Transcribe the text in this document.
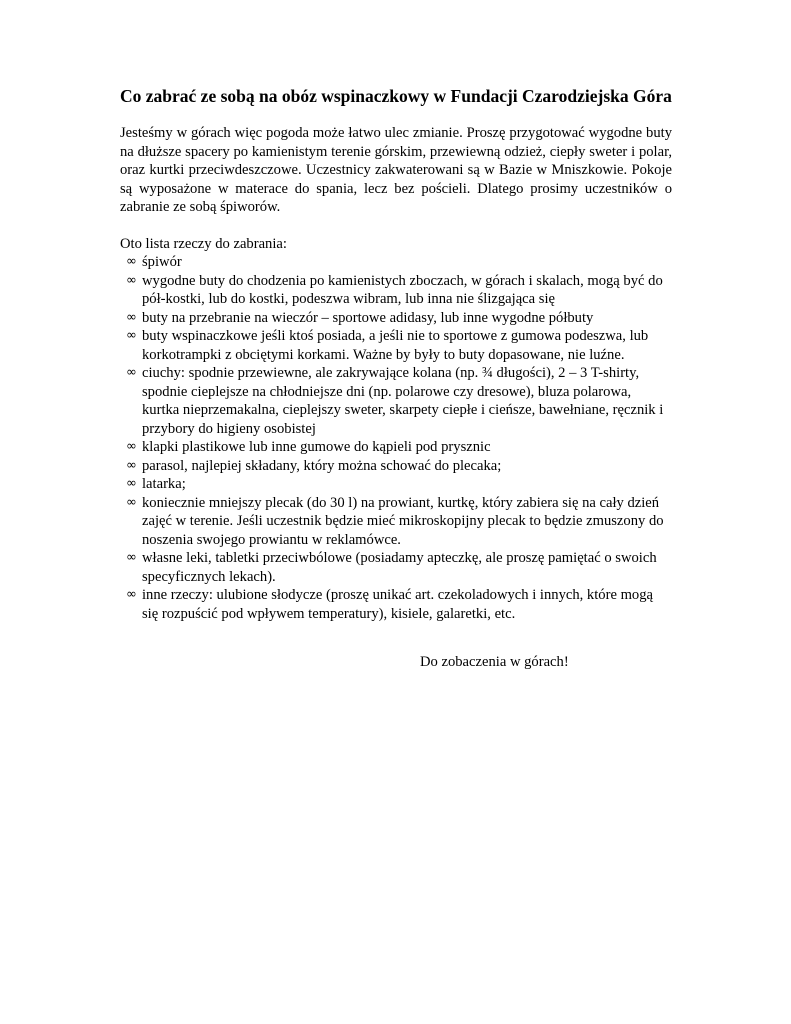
Co zabrać ze sobą na obóz wspinaczkowy w Fundacji Czarodziejska Góra

Jesteśmy w górach więc pogoda może łatwo ulec zmianie. Proszę przygotować wygodne buty na dłuższe spacery po kamienistym terenie górskim, przewiewną odzież, ciepły sweter i polar, oraz kurtki przeciwdeszczowe. Uczestnicy zakwaterowani są w Bazie w Mniszkowie. Pokoje są wyposażone w materace do spania, lecz bez pościeli. Dlatego prosimy uczestników o zabranie ze sobą śpiworów.

Oto lista rzeczy do zabrania:

∞ śpiwór
∞ wygodne buty do chodzenia po kamienistych zboczach, w górach i skalach, mogą być do pół-kostki, lub do kostki, podeszwa wibram, lub inna nie ślizgająca się
∞ buty na przebranie na wieczór – sportowe adidasy, lub inne wygodne półbuty
∞ buty wspinaczkowe jeśli ktoś posiada, a jeśli nie to sportowe z gumowa podeszwa, lub korkotrampki z obciętymi korkami. Ważne by były to buty dopasowane, nie luźne.
∞ ciuchy: spodnie przewiewne, ale zakrywające kolana (np. ¾ długości), 2 – 3 T-shirty, spodnie cieplejsze na chłodniejsze dni (np. polarowe czy dresowe), bluza polarowa, kurtka nieprzemakalna, cieplejszy sweter, skarpety ciepłe i cieńsze, bawełniane, ręcznik i przybory do higieny osobistej
∞ klapki plastikowe lub inne gumowe do kąpieli pod prysznic
∞ parasol, najlepiej składany, który można schować do plecaka;
∞ latarka;
∞ koniecznie mniejszy plecak (do 30 l) na prowiant, kurtkę, który zabiera się na cały dzień zajęć w terenie. Jeśli uczestnik będzie mieć mikroskopijny plecak to będzie zmuszony do noszenia swojego prowiantu w reklamówce.
∞ własne leki, tabletki przeciwbólowe (posiadamy apteczkę, ale proszę pamiętać o swoich specyficznych lekach).
∞ inne rzeczy: ulubione słodycze (proszę unikać art. czekoladowych i innych, które mogą się rozpuścić pod wpływem temperatury), kisiele, galaretki, etc.

Do zobaczenia w górach!
